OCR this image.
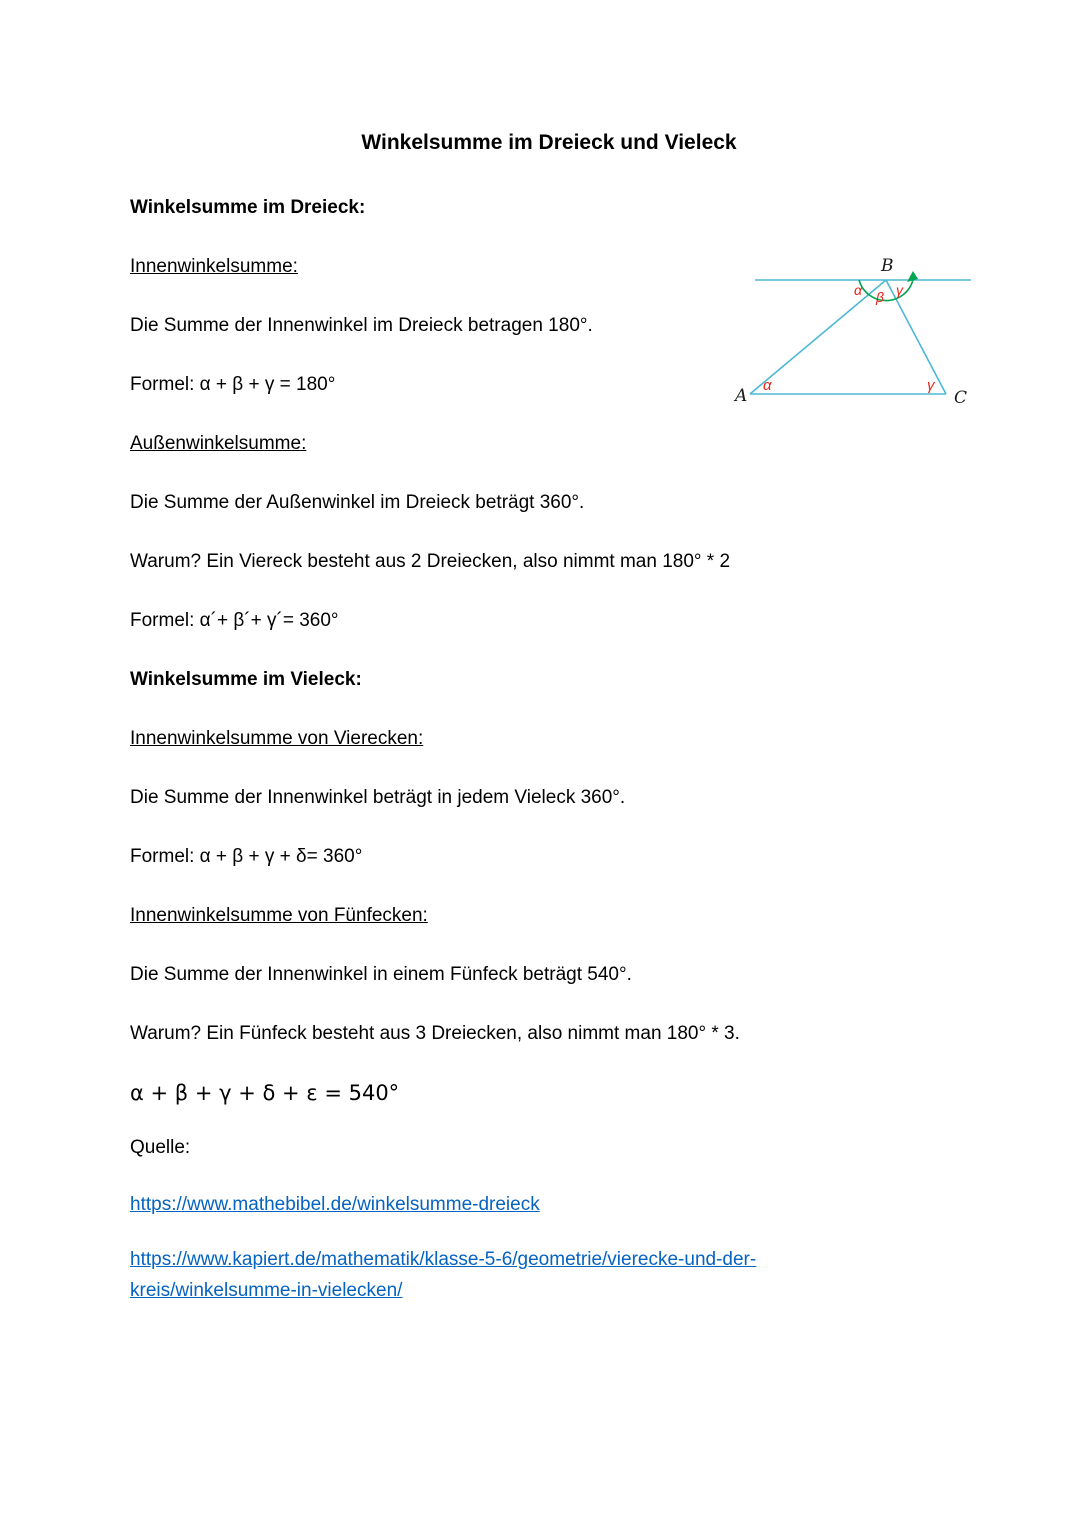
Winkelsumme im Dreieck und Vieleck

Winkelsumme im Dreieck:

Innenwinkelsumme:

Die Summe der Innenwinkel im Dreieck betragen 180°.

Formel: α + β + γ = 180°

Außenwinkelsumme:

Die Summe der Außenwinkel im Dreieck beträgt 360°.

Warum? Ein Viereck besteht aus 2 Dreiecken, also nimmt man 180° * 2

Formel: α´+ β´+ γ´= 360°

Winkelsumme im Vieleck:

Innenwinkelsumme von Vierecken:

Die Summe der Innenwinkel beträgt in jedem Vieleck 360°.

Formel: α + β + γ + δ= 360°

Innenwinkelsumme von Fünfecken:

Die Summe der Innenwinkel in einem Fünfeck beträgt 540°.

Warum? Ein Fünfeck besteht aus 3 Dreiecken, also nimmt man 180° * 3.

α + β + γ + δ + ε = 540°

Quelle:

https://www.mathebibel.de/winkelsumme-dreieck
https://www.kapiert.de/mathematik/klasse-5-6/geometrie/vierecke-und-der-
kreis/winkelsumme-in-vielecken/
B
A	C
α β γ
α	γ
